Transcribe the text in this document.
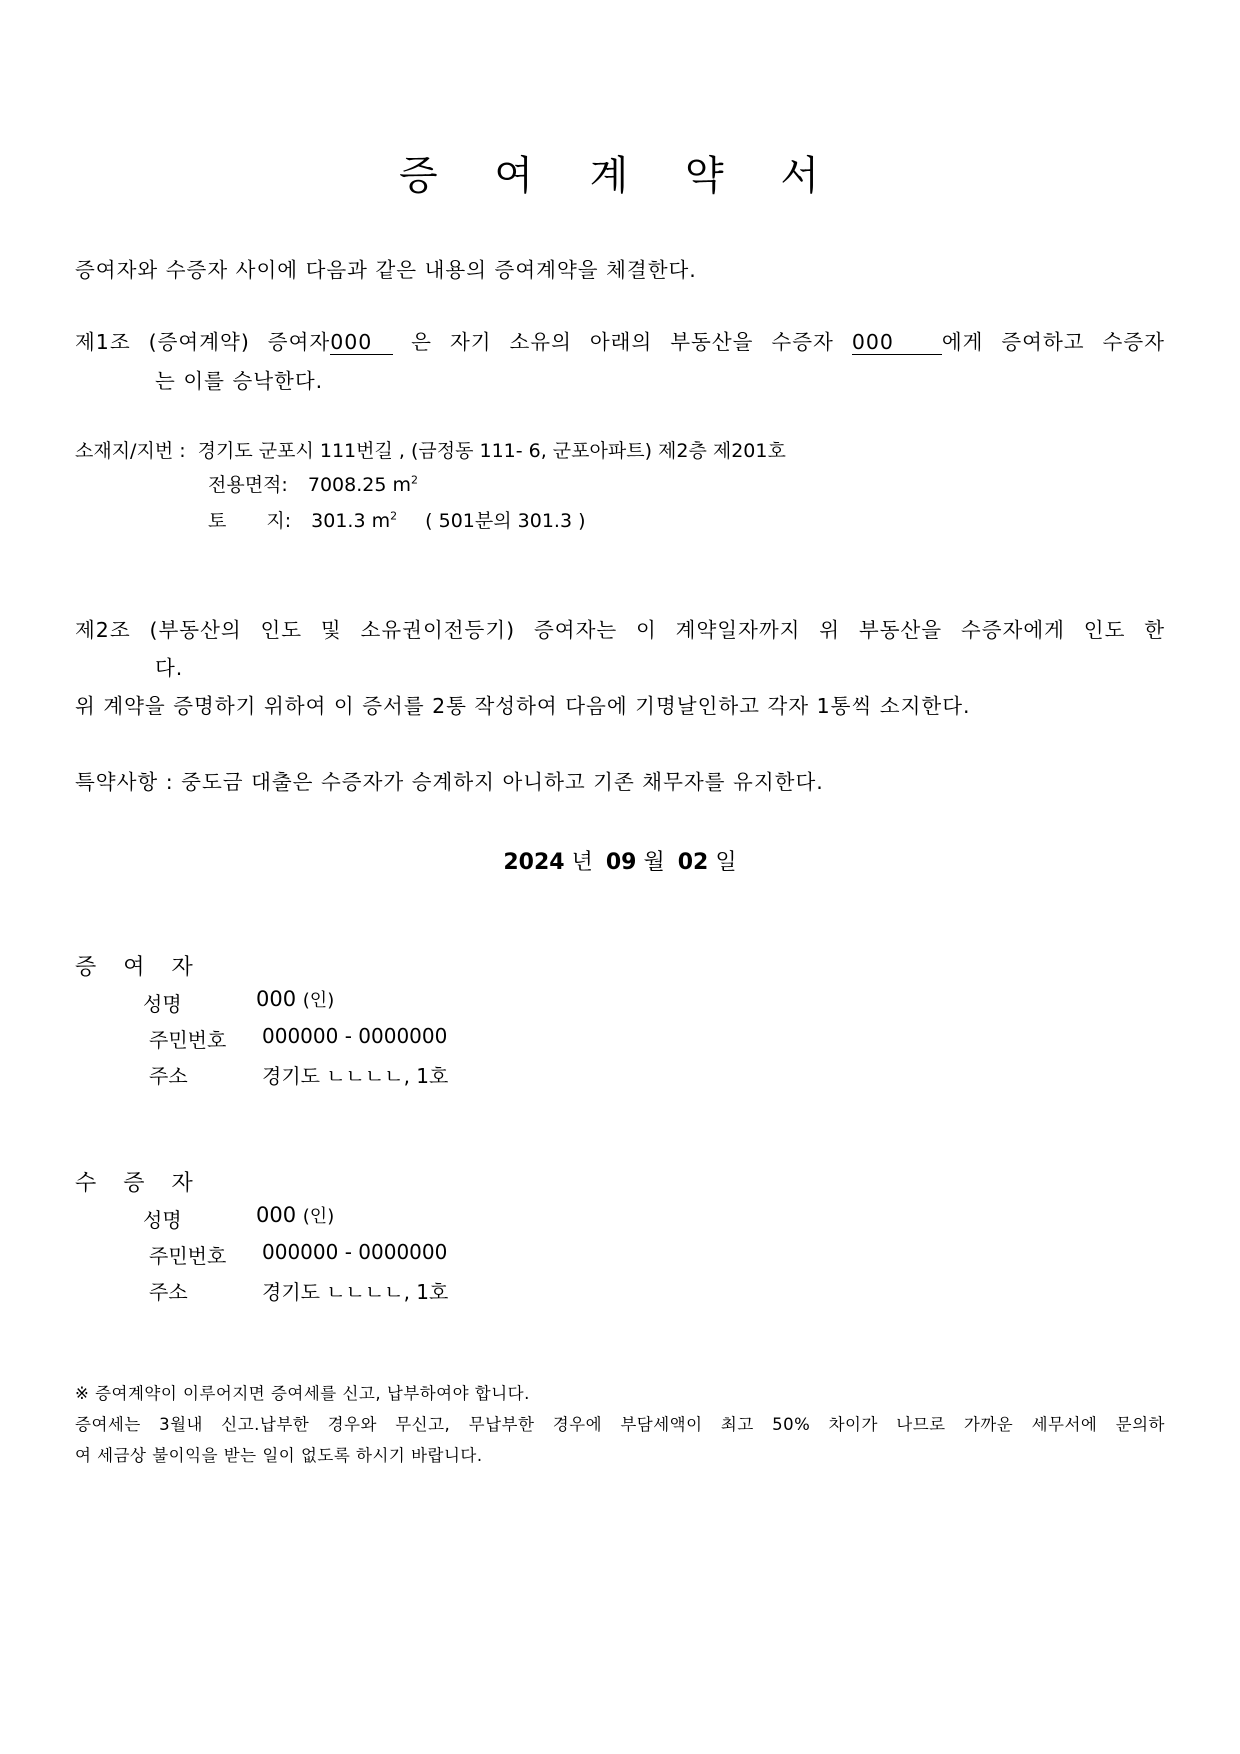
증 여 계 약 서
증여자와 수증자 사이에 다음과 같은 내용의 증여계약을 체결한다.
제1조 (증여계약) 증여자000 은 자기 소유의 아래의 부동산을 수증자 000 에게 증여하고 수증자
는 이를 승낙한다.
소재지/지번 : 경기도 군포시 111번길 , (금정동 111- 6, 군포아파트) 제2층 제201호
전용면적: 7008.25 $m^2$
토 지: 301.3 $m^2$ ( 501분의 301.3 )
제2조 (부동산의 인도 및 소유권이전등기) 증여자는 이 계약일자까지 위 부동산을 수증자에게 인도 한
다.
위 계약을 증명하기 위하여 이 증서를 2통 작성하여 다음에 기명날인하고 각자 1통씩 소지한다.
특약사항 : 중도금 대출은 수증자가 승계하지 아니하고 기존 채무자를 유지한다.
2024 년 09 월 02 일
증 여 자
성명	000 (인)
주민번호 000000 - 0000000
주소	경기도 ㄴㄴㄴㄴ, 1호
수 증 자
성명	000 (인)
주민번호 000000 - 0000000
주소	경기도 ㄴㄴㄴㄴ, 1호
※ 증여계약이 이루어지면 증여세를 신고, 납부하여야 합니다.
증여세는 3월내 신고.납부한 경우와 무신고, 무납부한 경우에 부담세액이 최고 50% 차이가 나므로 가까운 세무서에 문의하
여 세금상 불이익을 받는 일이 없도록 하시기 바랍니다.
